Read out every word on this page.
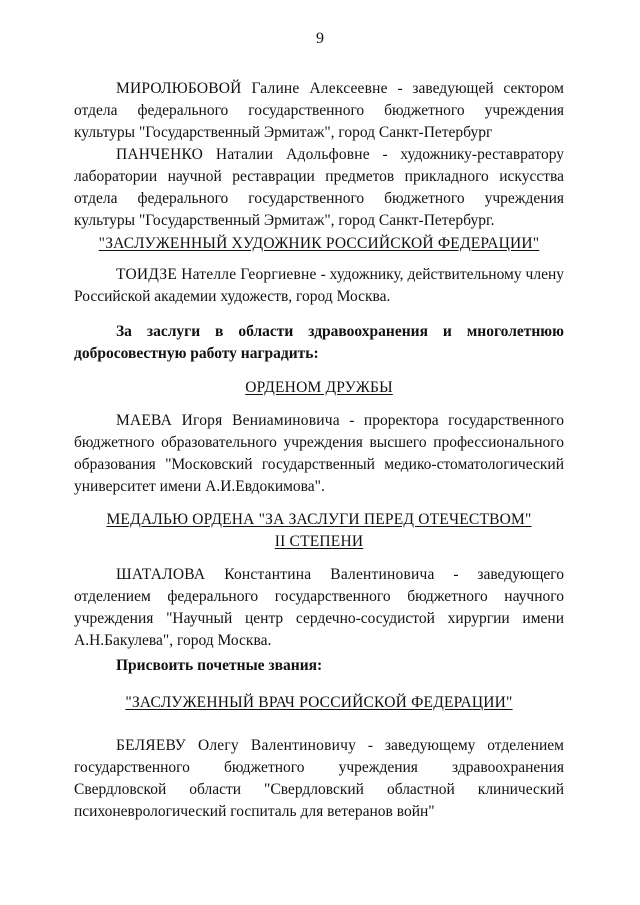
9

МИРОЛЮБОВОЙ Галине Алексеевне - заведующей сектором отдела федерального государственного бюджетного учреждения культуры "Государственный Эрмитаж", город Санкт-Петербург

ПАНЧЕНКО Наталии Адольфовне - художнику-реставратору лаборатории научной реставрации предметов прикладного искусства отдела федерального государственного бюджетного учреждения культуры "Государственный Эрмитаж", город Санкт-Петербург.

"ЗАСЛУЖЕННЫЙ ХУДОЖНИК РОССИЙСКОЙ ФЕДЕРАЦИИ"

ТОИДЗЕ Нателле Георгиевне - художнику, действительному члену Российской академии художеств, город Москва.

За заслуги в области здравоохранения и многолетнюю добросовестную работу наградить:

ОРДЕНОМ ДРУЖБЫ

МАЕВА Игоря Вениаминовича - проректора государственного бюджетного образовательного учреждения высшего профессионального образования "Московский государственный медико-стоматологический университет имени А.И.Евдокимова".

МЕДАЛЬЮ ОРДЕНА "ЗА ЗАСЛУГИ ПЕРЕД ОТЕЧЕСТВОМ"

II СТЕПЕНИ

ШАТАЛОВА Константина Валентиновича - заведующего отделением федерального государственного бюджетного научного учреждения "Научный центр сердечно-сосудистой хирургии имени А.Н.Бакулева", город Москва.

Присвоить почетные звания:

"ЗАСЛУЖЕННЫЙ ВРАЧ РОССИЙСКОЙ ФЕДЕРАЦИИ"

БЕЛЯЕВУ Олегу Валентиновичу - заведующему отделением государственного бюджетного учреждения здравоохранения Свердловской области "Свердловский областной клинический психоневрологический госпиталь для ветеранов войн"
